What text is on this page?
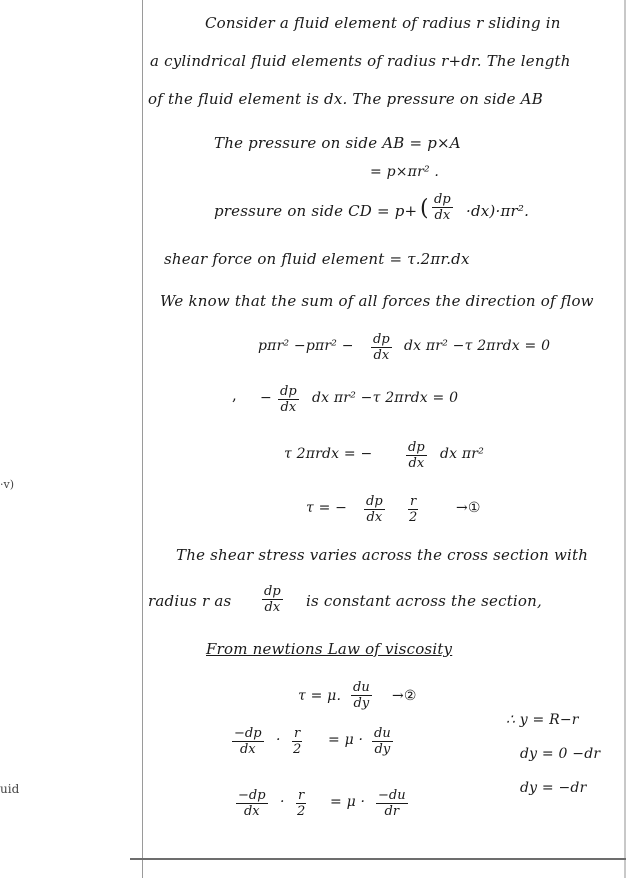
·v)
uid
Consider a fluid element of radius r sliding in
a cylindrical fluid elements of radius r+dr. The length
of the fluid element is dx. The pressure on side AB
The pressure on side AB = p×A
= p×πr² .
pressure on side CD = p+ ( $\frac{dp}{dx} \cdot dx)\cdot\pi r^2$.
shear force on fluid element = τ.2πr.dx
We know that the sum of all forces the direction of flow
$p\pi r^2 -p\pi r^2 - \frac{dp}{dx}$ dx πr² −τ 2πrdx = 0
, − $\frac{dp}{dx}$ dx πr² −τ 2πrdx = 0
τ 2πrdx = −	$\frac{dp}{dx}$ dx πr²
τ = − $\frac{dp}{dx} \frac{r}{2}$	→①
The shear stress varies across the cross section with
radius r as $\frac{dp}{dx}$ is constant across the section,
From newtions Law of viscosity
τ = μ. $\frac{du}{dy}$ →②
$\frac{-dp}{dx} \cdot \frac{r}{2} = \mu \cdot \frac{du}{dy}$
$\frac{-dp}{dx} \cdot \frac{r}{2} = \mu \cdot \frac{-du}{dr}$
∴ y = R−r
dy = 0 −dr
dy = −dr
